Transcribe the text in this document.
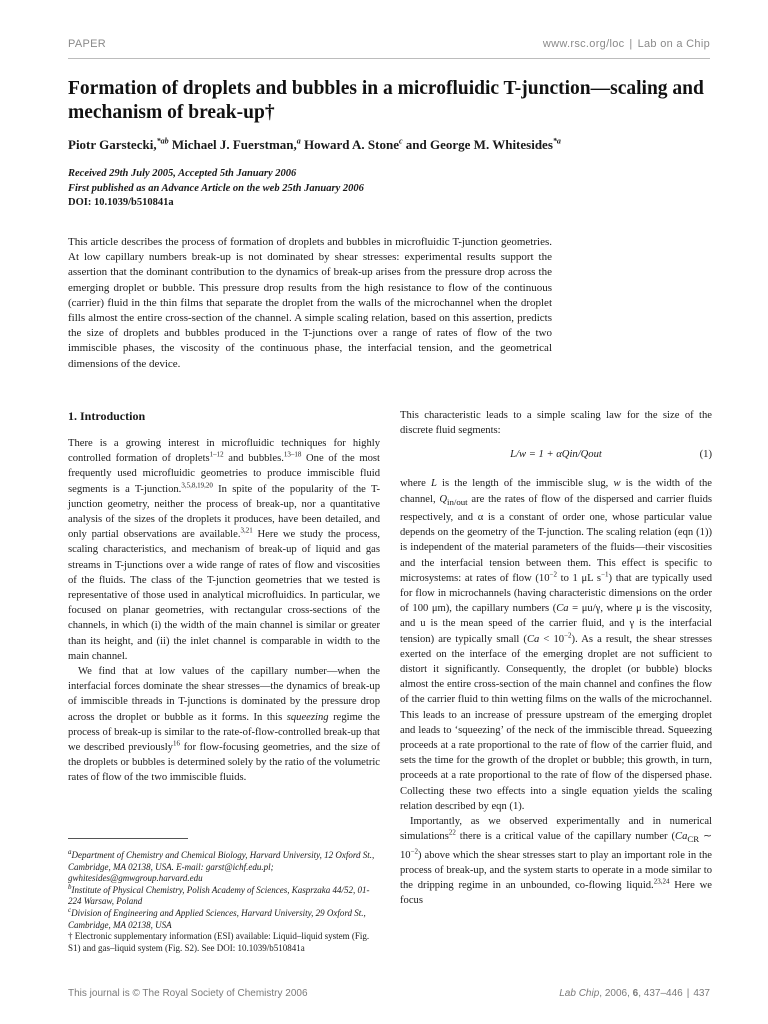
PAPER	www.rsc.org/loc | Lab on a Chip
Formation of droplets and bubbles in a microfluidic T-junction—scaling and mechanism of break-up†
Piotr Garstecki,$^{*ab}$ Michael J. Fuerstman,$^a$ Howard A. Stone$^c$ and George M. Whitesides$^{*a}$
Received 29th July 2005, Accepted 5th January 2006
First published as an Advance Article on the web 25th January 2006
DOI: 10.1039/b510841a
This article describes the process of formation of droplets and bubbles in microfluidic T-junction geometries. At low capillary numbers break-up is not dominated by shear stresses: experimental results support the assertion that the dominant contribution to the dynamics of break-up arises from the pressure drop across the emerging droplet or bubble. This pressure drop results from the high resistance to flow of the continuous (carrier) fluid in the thin films that separate the droplet from the walls of the microchannel when the droplet fills almost the entire cross-section of the channel. A simple scaling relation, based on this assertion, predicts the size of droplets and bubbles produced in the T-junctions over a range of rates of flow of the two immiscible phases, the viscosity of the continuous phase, the interfacial tension, and the geometrical dimensions of the device.
1. Introduction

There is a growing interest in microfluidic techniques for highly controlled formation of droplets$^{1-12}$ and bubbles.$^{13-18}$ One of the most frequently used microfluidic geometries to produce immiscible fluid segments is a T-junction.$^{3,5,8,19,20}$ In spite of the popularity of the T-junction geometry, neither the process of break-up, nor a quantitative analysis of the sizes of the droplets it produces, have been detailed, and only partial observations are available.$^{3,21}$ Here we study the process, scaling characteristics, and mechanism of break-up of liquid and gas streams in T-junctions over a wide range of rates of flow and viscosities of the fluids. The class of the T-junction geometries that we tested is representative of those used in analytical microfluidics. In particular, we focused on planar geometries, with rectangular cross-sections of the channels, in which (i) the width of the main channel is similar or greater than its height, and (ii) the inlet channel is comparable in width to the main channel.

We find that at low values of the capillary number—when the interfacial forces dominate the shear stresses—the dynamics of break-up of immiscible threads in T-junctions is dominated by the pressure drop across the droplet or bubble as it forms. In this squeezing regime the process of break-up is similar to the rate-of-flow-controlled break-up that we described previously$^{16}$ for flow-focusing geometries, and the size of the droplets or bubbles is determined solely by the ratio of the volumetric rates of flow of the two immiscible fluids.

This characteristic leads to a simple scaling law for the size of the discrete fluid segments:

L/w = 1 + αQin/Qout	(1)

where L is the length of the immiscible slug, w is the width of the channel, $Q_{in/out}$ are the rates of flow of the dispersed and carrier fluids respectively, and α is a constant of order one, whose particular value depends on the geometry of the T-junction. The scaling relation (eqn (1)) is independent of the material parameters of the fluids—their viscosities and the interfacial tension between them. This effect is specific to microsystems: at rates of flow ($10^{-2}$ to 1 μL $s^{-1}$) that are typically used for flow in microchannels (having characteristic dimensions on the order of 100 μm), the capillary numbers (Ca = μu/γ, where μ is the viscosity, and u is the mean speed of the carrier fluid, and γ is the interfacial tension) are typically small $(Ca < 10^{-2})$. As a result, the shear stresses exerted on the interface of the emerging droplet are not sufficient to distort it significantly. Consequently, the droplet (or bubble) blocks almost the entire cross-section of the main channel and confines the flow of the carrier fluid to thin wetting films on the walls of the microchannel. This leads to an increase of pressure upstream of the emerging droplet and leads to ‘squeezing’ of the neck of the immiscible thread. Squeezing proceeds at a rate proportional to the rate of flow of the carrier fluid, and sets the time for the growth of the droplet or bubble; this growth, in turn, proceeds at a rate proportional to the rate of flow of the dispersed phase. Collecting these two effects into a single equation yields the scaling relation described by eqn (1).

Importantly, as we observed experimentally and in numerical simulations$^{22}$ there is a critical value of the capillary number ($Ca_{CR}$ ∼ $10^{-2}$) above which the shear stresses start to play an important role in the process of break-up, and the system starts to operate in a mode similar to the dripping regime in an unbounded, co-flowing liquid.$^{23,24}$ Here we focus

$^a$Department of Chemistry and Chemical Biology, Harvard University, 12 Oxford St., Cambridge, MA 02138, USA. E-mail: garst@ichf.edu.pl; gwhitesides@gmwgroup.harvard.edu
$^b$Institute of Physical Chemistry, Polish Academy of Sciences, Kasprzaka 44/52, 01-224 Warsaw, Poland
$^c$Division of Engineering and Applied Sciences, Harvard University, 29 Oxford St., Cambridge, MA 02138, USA
† Electronic supplementary information (ESI) available: Liquid–liquid system (Fig. S1) and gas–liquid system (Fig. S2). See DOI: 10.1039/b510841a
This journal is © The Royal Society of Chemistry 2006	Lab Chip, 2006, 6, 437–446 | 437
